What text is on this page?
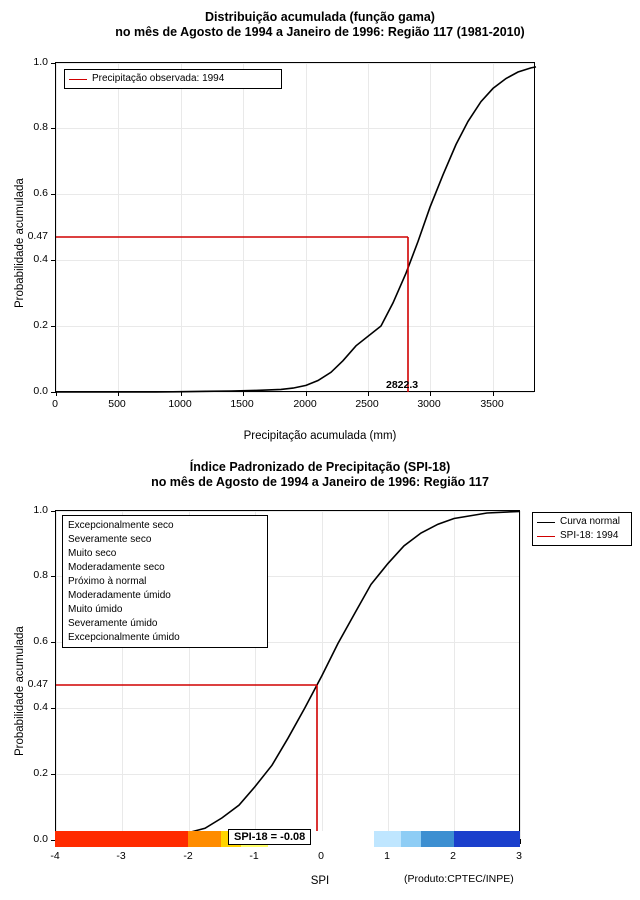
Distribuição acumulada (função gama)
no mês de Agosto de 1994 a Janeiro de 1996: Região 117 (1981-2010)
Precipitação observada: 1994
0.0
0.2
0.4
0.6
0.8
1.0
0.47
0	500	1000	1500	2000	2500	3000	3500
2822.3
Precipitação acumulada (mm)
Probabilidade acumulada
Índice Padronizado de Precipitação (SPI-18)
no mês de Agosto de 1994 a Janeiro de 1996: Região 117
Excepcionalmente seco
Severamente seco
Muito seco
Moderadamente seco
Próximo à normal
Moderadamente úmido
Muito úmido
Severamente úmido
Excepcionalmente úmido
SPI-18 = -0.08
0.0
0.2
0.4
0.6
0.8
1.0
0.47
-4	-3	-2	-1	0	1	2	3
SPI
Probabilidade acumulada
(Produto:CPTEC/INPE)
Curva normal
SPI-18: 1994
